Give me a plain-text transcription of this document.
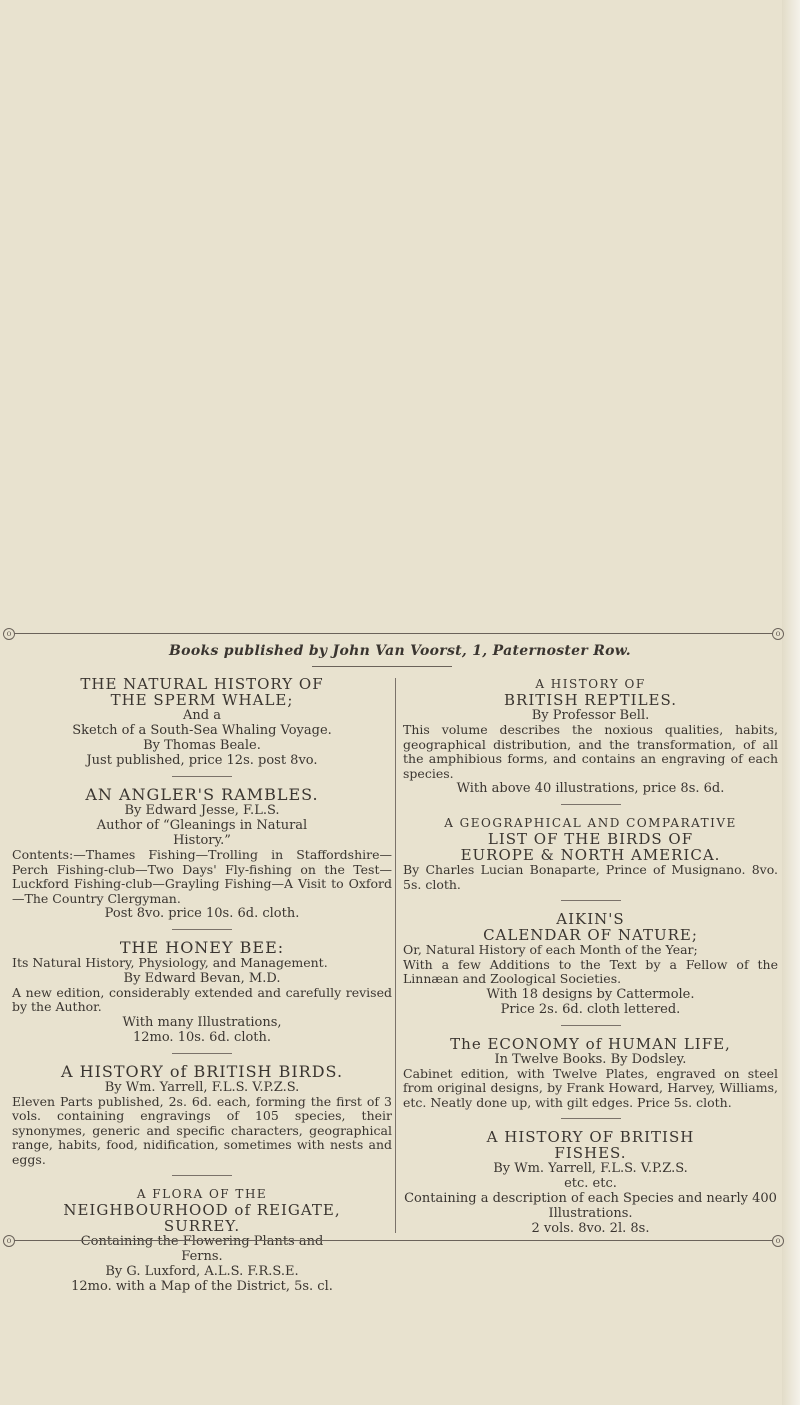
o	o
Books published by John Van Voorst, 1, Paternoster Row.

THE NATURAL HISTORY OF

THE SPERM WHALE;

And a

Sketch of a South-Sea Whaling Voyage.

By Thomas Beale.

Just published, price 12s. post 8vo.

AN ANGLER'S RAMBLES.

By Edward Jesse, F.L.S.

Author of “Gleanings in Natural

History.”

Contents:—Thames Fishing—Trolling in Staffordshire—Perch Fishing-club—Two Days' Fly-fishing on the Test—Luckford Fishing-club—Grayling Fishing—A Visit to Oxford—The Country Clergyman.

Post 8vo. price 10s. 6d. cloth.

THE HONEY BEE:

Its Natural History, Physiology, and Management.

By Edward Bevan, M.D.

A new edition, considerably extended and carefully revised by the Author.

With many Illustrations,

12mo. 10s. 6d. cloth.

A HISTORY of BRITISH BIRDS.

By Wm. Yarrell, F.L.S. V.P.Z.S.

Eleven Parts published, 2s. 6d. each, forming the first of 3 vols. containing engravings of 105 species, their synonymes, generic and specific characters, geographical range, habits, food, nidification, sometimes with nests and eggs.

A FLORA OF THE

NEIGHBOURHOOD of REIGATE,

SURREY.

Containing the Flowering Plants and

Ferns.

By G. Luxford, A.L.S. F.R.S.E.

12mo. with a Map of the District, 5s. cl.

A HISTORY OF

BRITISH REPTILES.

By Professor Bell.

This volume describes the noxious qualities, habits, geographical distribution, and the transformation, of all the amphibious forms, and contains an engraving of each species.

With above 40 illustrations, price 8s. 6d.

A GEOGRAPHICAL AND COMPARATIVE

LIST OF THE BIRDS OF

EUROPE & NORTH AMERICA.

By Charles Lucian Bonaparte, Prince of Musignano. 8vo. 5s. cloth.

AIKIN'S

CALENDAR OF NATURE;

Or, Natural History of each Month of the Year;

With a few Additions to the Text by a Fellow of the Linnæan and Zoological Societies.

With 18 designs by Cattermole.

Price 2s. 6d. cloth lettered.

The ECONOMY of HUMAN LIFE,

In Twelve Books. By Dodsley.

Cabinet edition, with Twelve Plates, engraved on steel from original designs, by Frank Howard, Harvey, Williams, etc. Neatly done up, with gilt edges. Price 5s. cloth.

A HISTORY OF BRITISH

FISHES.

By Wm. Yarrell, F.L.S. V.P.Z.S.

etc. etc.

Containing a description of each Species and nearly 400 Illustrations.

2 vols. 8vo. 2l. 8s.

o	o
